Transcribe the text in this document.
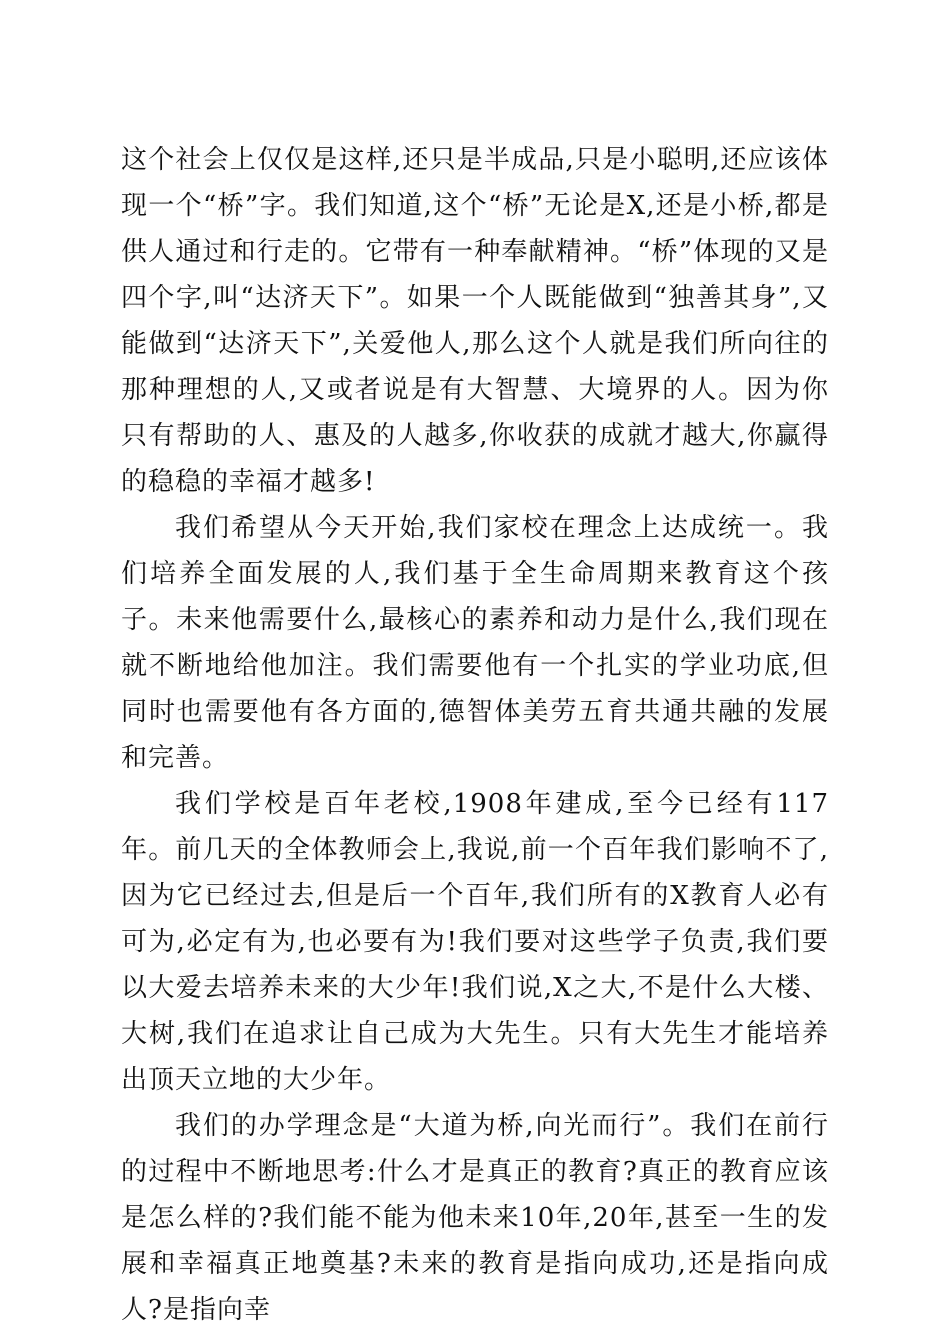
这个社会上仅仅是这样,还只是半成品,只是小聪明,还应该体现一个“桥”字。我们知道,这个“桥”无论是X,还是小桥,都是供人通过和行走的。它带有一种奉献精神。“桥”体现的又是四个字,叫“达济天下”。如果一个人既能做到“独善其身”,又能做到“达济天下”,关爱他人,那么这个人就是我们所向往的那种理想的人,又或者说是有大智慧、大境界的人。因为你只有帮助的人、惠及的人越多,你收获的成就才越大,你赢得的稳稳的幸福才越多!

我们希望从今天开始,我们家校在理念上达成统一。我们培养全面发展的人,我们基于全生命周期来教育这个孩子。未来他需要什么,最核心的素养和动力是什么,我们现在就不断地给他加注。我们需要他有一个扎实的学业功底,但同时也需要他有各方面的,德智体美劳五育共通共融的发展和完善。

我们学校是百年老校,1908年建成,至今已经有117年。前几天的全体教师会上,我说,前一个百年我们影响不了,因为它已经过去,但是后一个百年,我们所有的X教育人必有可为,必定有为,也必要有为!我们要对这些学子负责,我们要以大爱去培养未来的大少年!我们说,X之大,不是什么大楼、大树,我们在追求让自己成为大先生。只有大先生才能培养出顶天立地的大少年。

我们的办学理念是“大道为桥,向光而行”。我们在前行的过程中不断地思考:什么才是真正的教育?真正的教育应该是怎么样的?我们能不能为他未来10年,20年,甚至一生的发展和幸福真正地奠基?未来的教育是指向成功,还是指向成人?是指向幸
